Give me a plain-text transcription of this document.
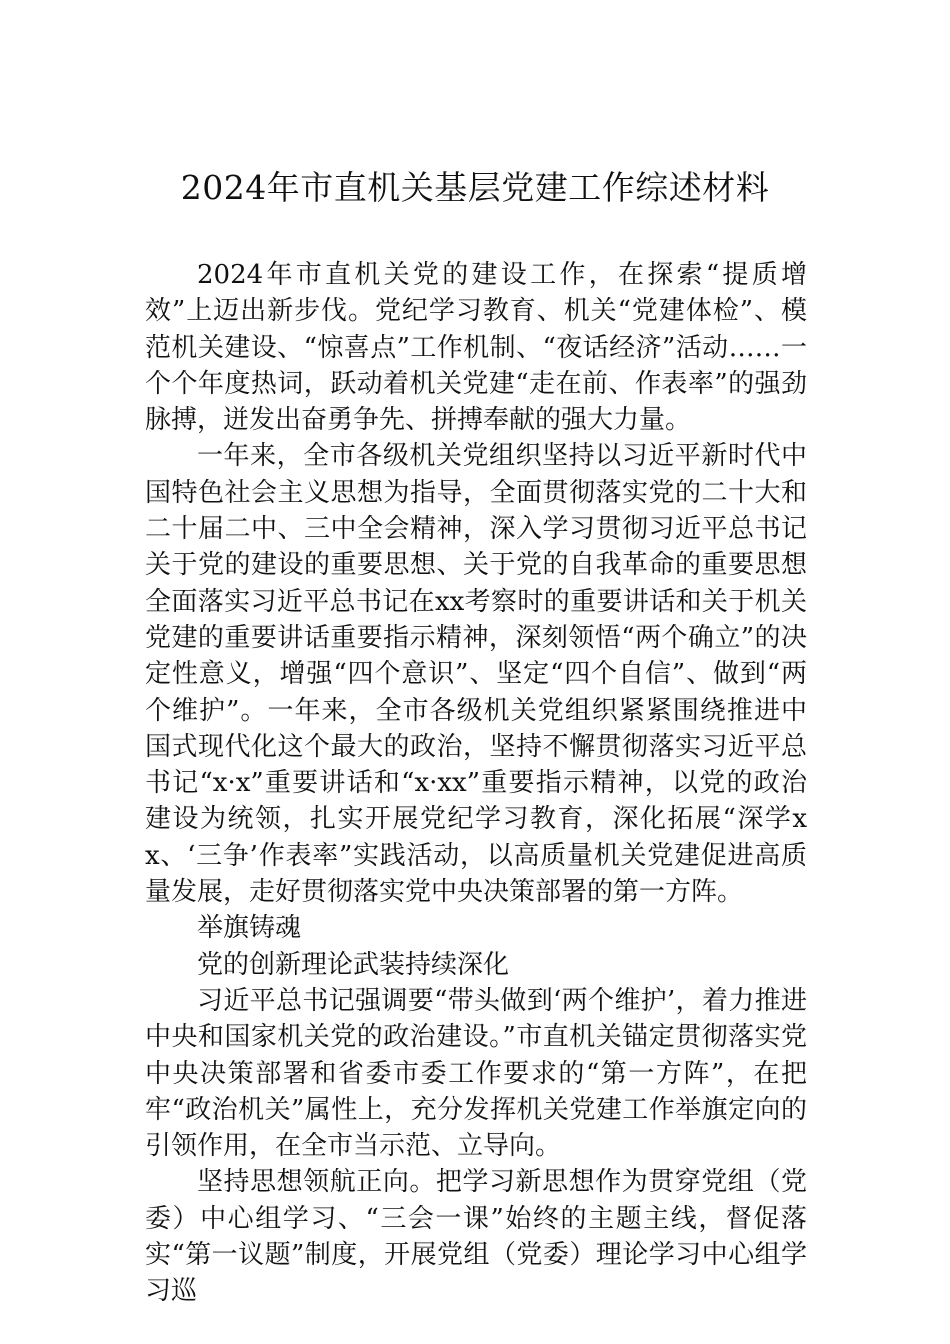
2024年市直机关基层党建工作综述材料

2024年市直机关党的建设工作，在探索“提质增效”上迈出新步伐。党纪学习教育、机关“党建体检”、模范机关建设、“惊喜点”工作机制、“夜话经济”活动……一个个年度热词，跃动着机关党建“走在前、作表率”的强劲脉搏，迸发出奋勇争先、拼搏奉献的强大力量。

一年来，全市各级机关党组织坚持以习近平新时代中国特色社会主义思想为指导，全面贯彻落实党的二十大和二十届二中、三中全会精神，深入学习贯彻习近平总书记关于党的建设的重要思想、关于党的自我革命的重要思想全面落实习近平总书记在xx考察时的重要讲话和关于机关党建的重要讲话重要指示精神，深刻领悟“两个确立”的决定性意义，增强“四个意识”、坚定“四个自信”、做到“两个维护”。一年来，全市各级机关党组织紧紧围绕推进中国式现代化这个最大的政治，坚持不懈贯彻落实习近平总书记“x·x”重要讲话和“x·xx”重要指示精神，以党的政治建设为统领，扎实开展党纪学习教育，深化拓展“深学xx、‘三争’作表率”实践活动，以高质量机关党建促进高质量发展，走好贯彻落实党中央决策部署的第一方阵。

举旗铸魂

党的创新理论武装持续深化

习近平总书记强调要“带头做到‘两个维护’，着力推进中央和国家机关党的政治建设。”市直机关锚定贯彻落实党中央决策部署和省委市委工作要求的“第一方阵”，在把牢“政治机关”属性上，充分发挥机关党建工作举旗定向的引领作用，在全市当示范、立导向。

坚持思想领航正向。把学习新思想作为贯穿党组（党委）中心组学习、“三会一课”始终的主题主线，督促落实“第一议题”制度，开展党组（党委）理论学习中心组学习巡
